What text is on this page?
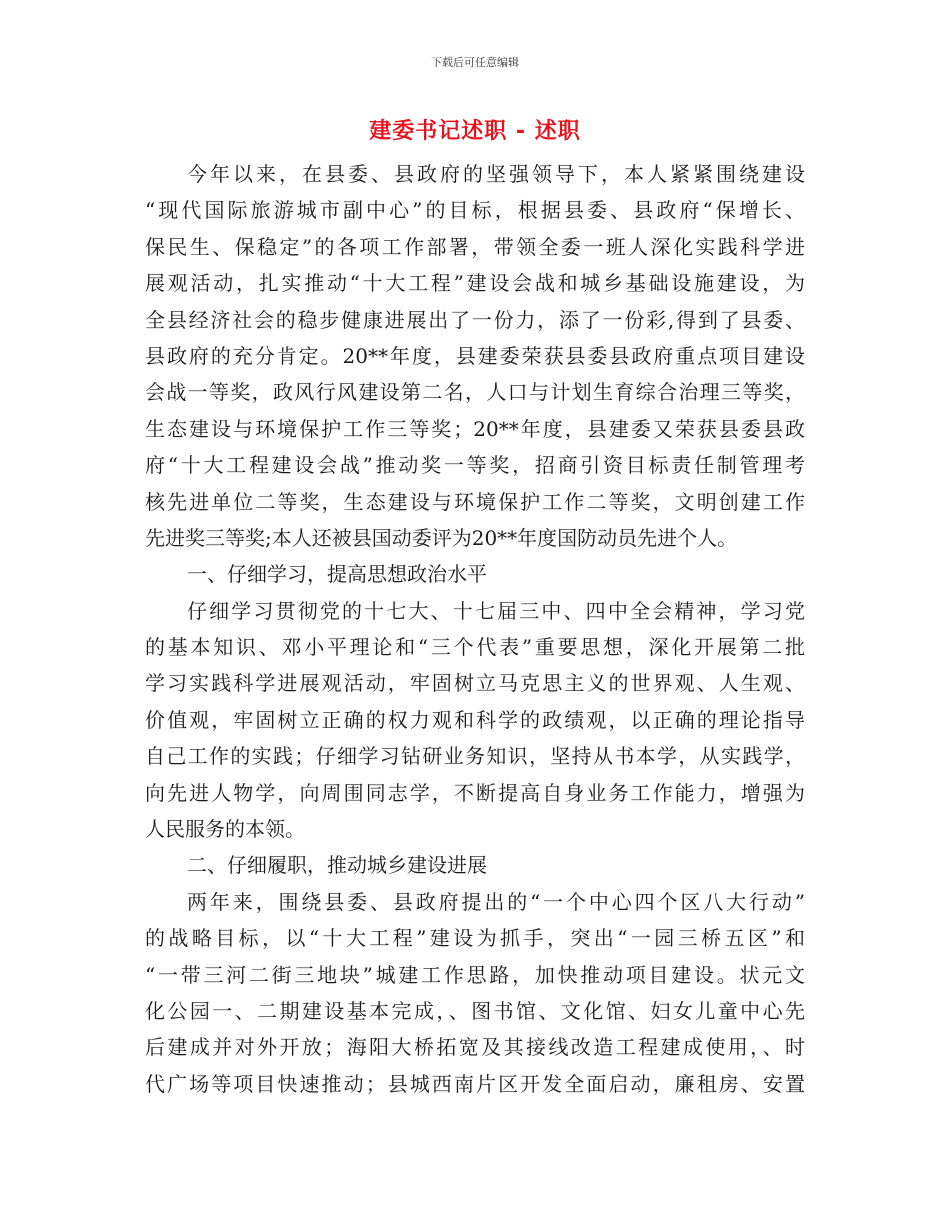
下载后可任意编辑
建委书记述职 - 述职
今年以来，在县委、县政府的坚强领导下，本人紧紧围绕建设
“现代国际旅游城市副中心”的目标，根据县委、县政府“保增长、
保民生、保稳定”的各项工作部署，带领全委一班人深化实践科学进
展观活动，扎实推动“十大工程”建设会战和城乡基础设施建设，为
全县经济社会的稳步健康进展出了一份力，添了一份彩,得到了县委、
县政府的充分肯定。20**年度，县建委荣获县委县政府重点项目建设
会战一等奖，政风行风建设第二名，人口与计划生育综合治理三等奖，
生态建设与环境保护工作三等奖；20**年度，县建委又荣获县委县政
府“十大工程建设会战”推动奖一等奖，招商引资目标责任制管理考
核先进单位二等奖，生态建设与环境保护工作二等奖，文明创建工作
先进奖三等奖;本人还被县国动委评为20**年度国防动员先进个人。
一、仔细学习，提高思想政治水平
仔细学习贯彻党的十七大、十七届三中、四中全会精神，学习党
的基本知识、邓小平理论和“三个代表”重要思想，深化开展第二批
学习实践科学进展观活动，牢固树立马克思主义的世界观、人生观、
价值观，牢固树立正确的权力观和科学的政绩观，以正确的理论指导
自己工作的实践；仔细学习钻研业务知识，坚持从书本学，从实践学，
向先进人物学，向周围同志学，不断提高自身业务工作能力，增强为
人民服务的本领。
二、仔细履职，推动城乡建设进展
两年来，围绕县委、县政府提出的“一个中心四个区八大行动”
的战略目标，以“十大工程”建设为抓手，突出“一园三桥五区”和
“一带三河二街三地块”城建工作思路，加快推动项目建设。状元文
化公园一、二期建设基本完成，、图书馆、文化馆、妇女儿童中心先
后建成并对外开放；海阳大桥拓宽及其接线改造工程建成使用，、时
代广场等项目快速推动；县城西南片区开发全面启动，廉租房、安置
